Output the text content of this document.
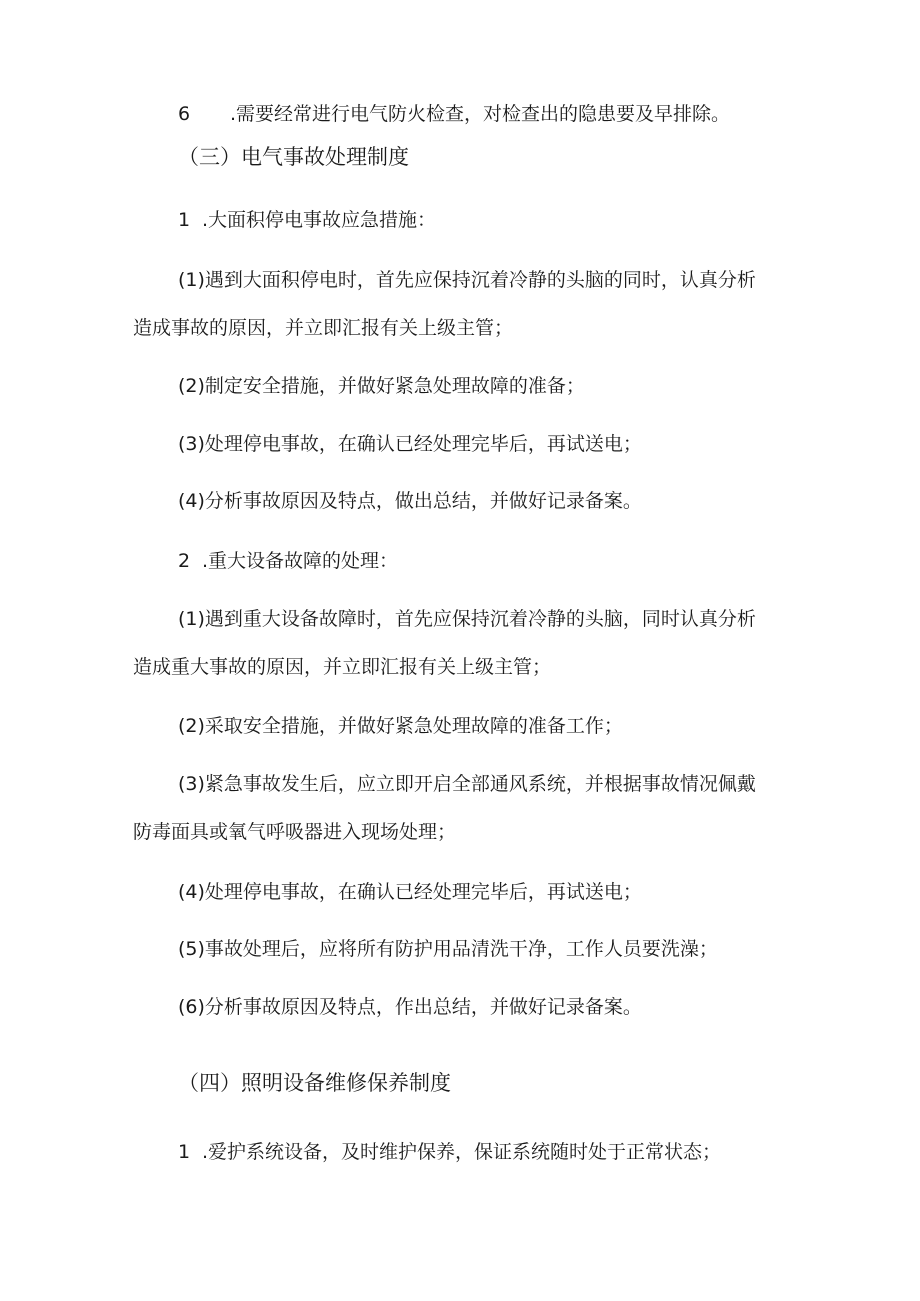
6 .需要经常进行电气防火检查，对检查出的隐患要及早排除。
（三）电气事故处理制度
1 .大面积停电事故应急措施：
(1)遇到大面积停电时，首先应保持沉着冷静的头脑的同时，认真分析
造成事故的原因，并立即汇报有关上级主管；
(2)制定安全措施，并做好紧急处理故障的准备；
(3)处理停电事故，在确认已经处理完毕后，再试送电；
(4)分析事故原因及特点，做出总结，并做好记录备案。
2 .重大设备故障的处理：
(1)遇到重大设备故障时，首先应保持沉着冷静的头脑，同时认真分析
造成重大事故的原因，并立即汇报有关上级主管；
(2)采取安全措施，并做好紧急处理故障的准备工作；
(3)紧急事故发生后，应立即开启全部通风系统，并根据事故情况佩戴
防毒面具或氧气呼吸器进入现场处理；
(4)处理停电事故，在确认已经处理完毕后，再试送电；
(5)事故处理后，应将所有防护用品清洗干净，工作人员要洗澡；
(6)分析事故原因及特点，作出总结，并做好记录备案。
（四）照明设备维修保养制度
1 .爱护系统设备，及时维护保养，保证系统随时处于正常状态；
